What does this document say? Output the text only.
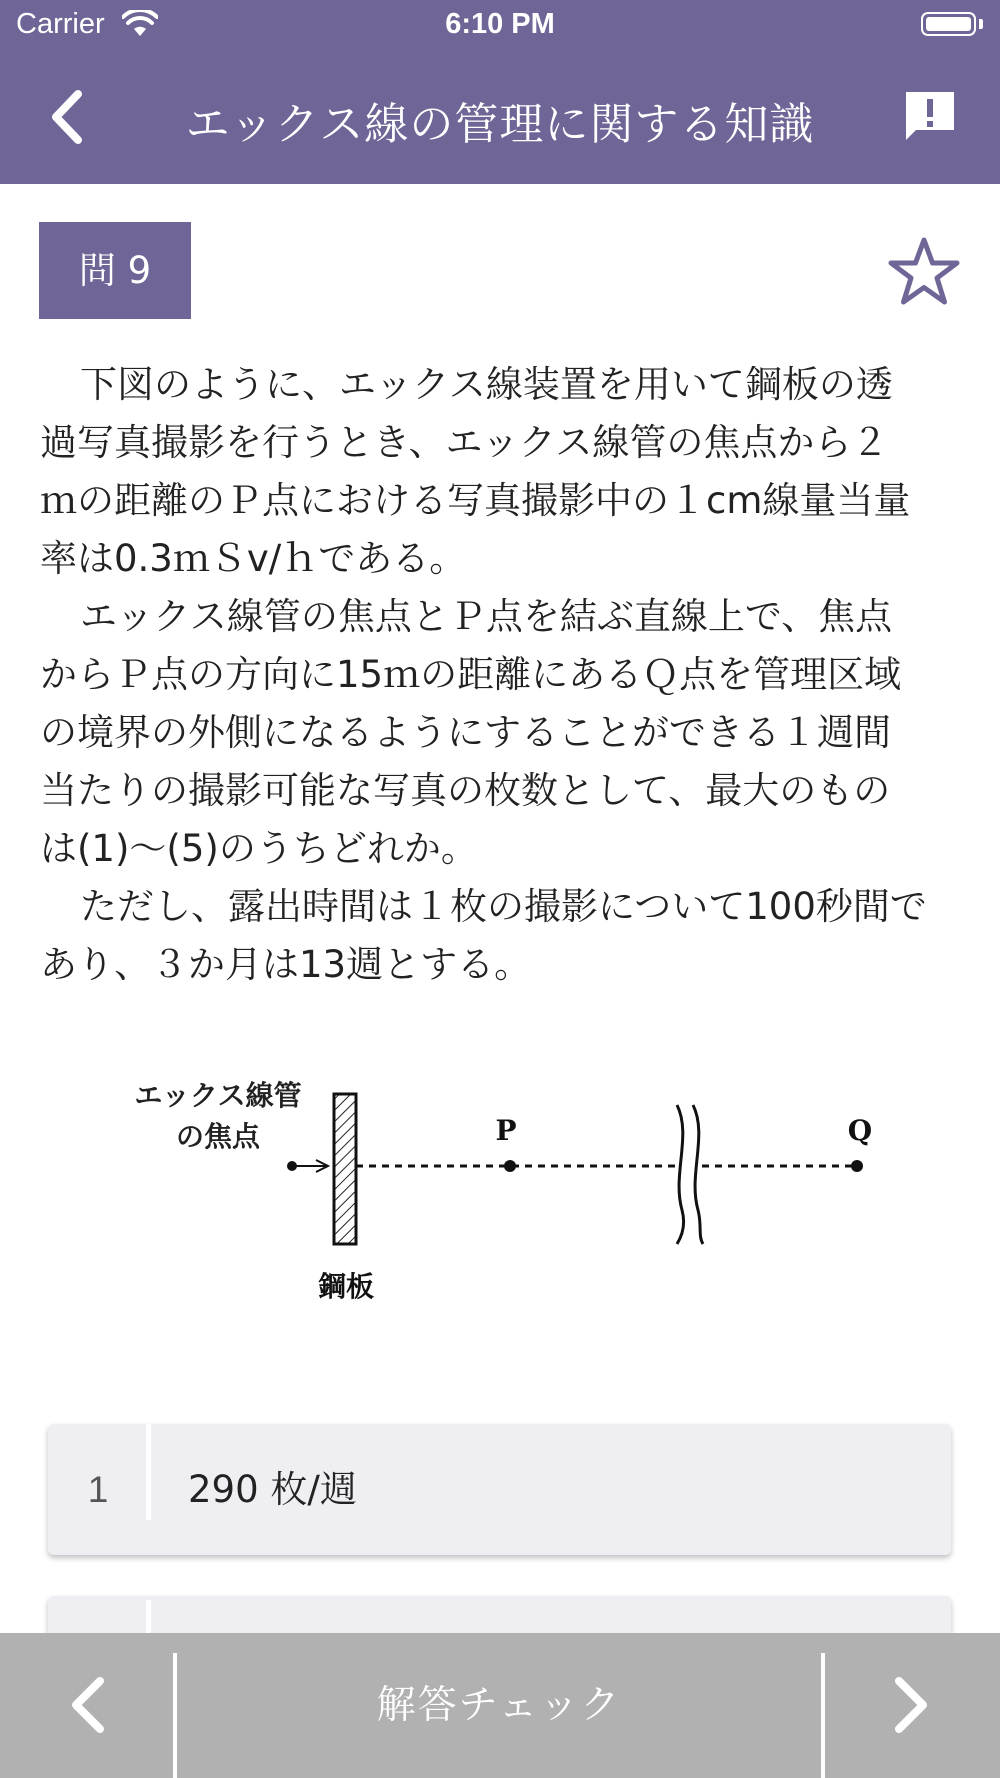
Carrier	6:10 PM
エックス線の管理に関する知識
問 9
下図のように、エックス線装置を用いて鋼板の透
過写真撮影を行うとき、エックス線管の焦点から２
ｍの距離のＰ点における写真撮影中の１cm線量当量
率は0.3ｍＳv/ｈである。
エックス線管の焦点とＰ点を結ぶ直線上で、焦点
からＰ点の方向に15ｍの距離にあるＱ点を管理区域
の境界の外側になるようにすることができる１週間
当たりの撮影可能な写真の枚数として、最大のもの
は(1)～(5)のうちどれか。
ただし、露出時間は１枚の撮影について100秒間で
あり、３か月は13週とする。
エックス線管
の焦点	P	Q
鋼板
1	290 枚/週
解答チェック
